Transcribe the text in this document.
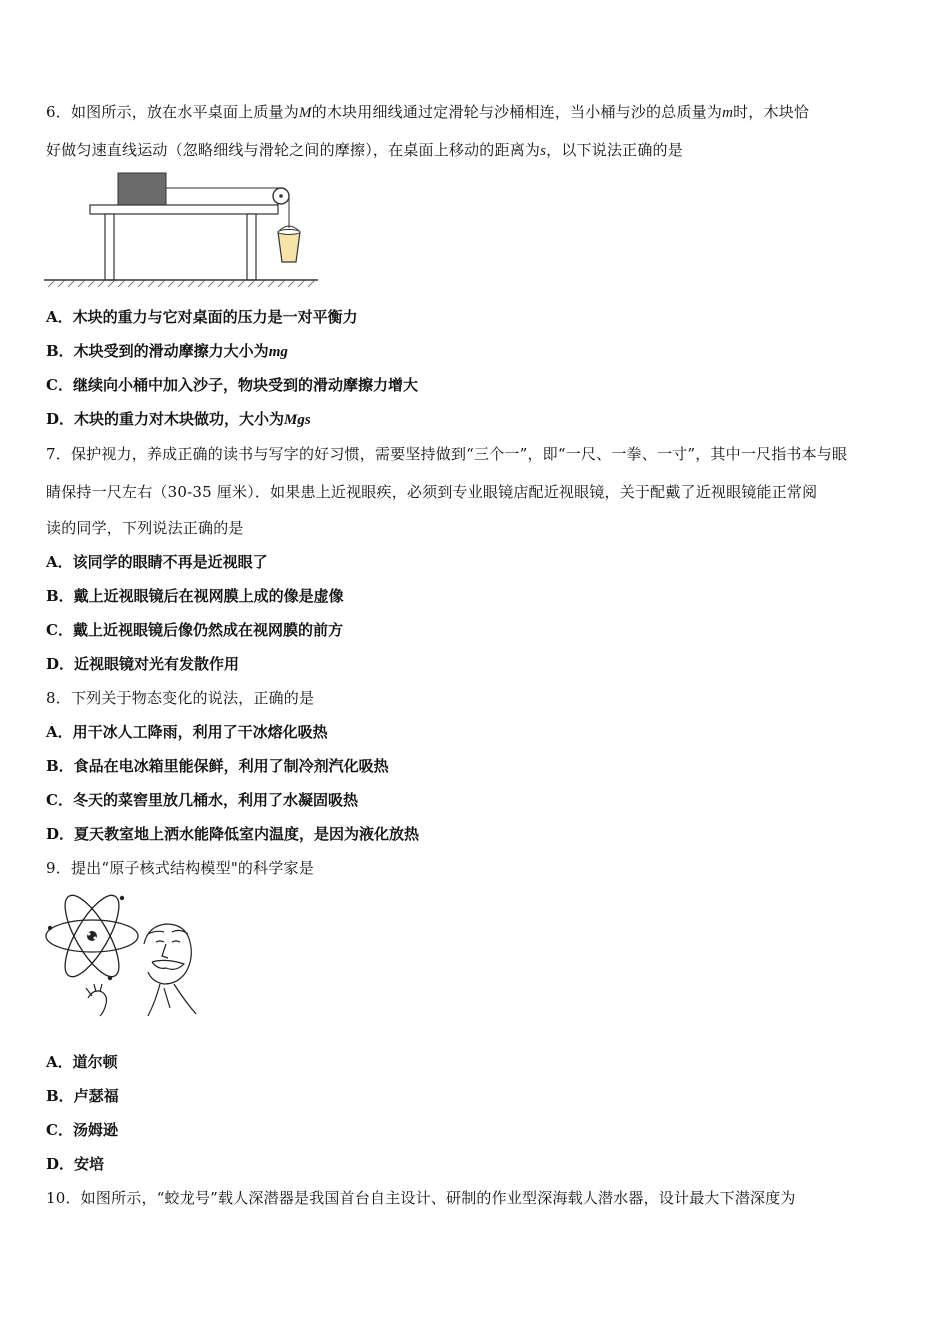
6．如图所示，放在水平桌面上质量为M的木块用细线通过定滑轮与沙桶相连，当小桶与沙的总质量为m时，木块恰
好做匀速直线运动（忽略细线与滑轮之间的摩擦），在桌面上移动的距离为s，以下说法正确的是
A．木块的重力与它对桌面的压力是一对平衡力
B．木块受到的滑动摩擦力大小为mg
C．继续向小桶中加入沙子，物块受到的滑动摩擦力增大
D．木块的重力对木块做功，大小为Mgs
7．保护视力，养成正确的读书与写字的好习惯，需要坚持做到“三个一”，即“一尺、一拳、一寸”，其中一尺指书本与眼
睛保持一尺左右（30-35 厘米）．如果患上近视眼疾，必须到专业眼镜店配近视眼镜，关于配戴了近视眼镜能正常阅
读的同学，下列说法正确的是
A．该同学的眼睛不再是近视眼了
B．戴上近视眼镜后在视网膜上成的像是虚像
C．戴上近视眼镜后像仍然成在视网膜的前方
D．近视眼镜对光有发散作用
8．下列关于物态变化的说法，正确的是
A．用干冰人工降雨，利用了干冰熔化吸热
B．食品在电冰箱里能保鲜，利用了制冷剂汽化吸热
C．冬天的菜窖里放几桶水，利用了水凝固吸热
D．夏天教室地上洒水能降低室内温度，是因为液化放热
9．提出“原子核式结构模型"的科学家是
A．道尔顿
B．卢瑟福
C．汤姆逊
D．安培
10．如图所示，“蛟龙号”载人深潜器是我国首台自主设计、研制的作业型深海载人潜水器，设计最大下潜深度为
